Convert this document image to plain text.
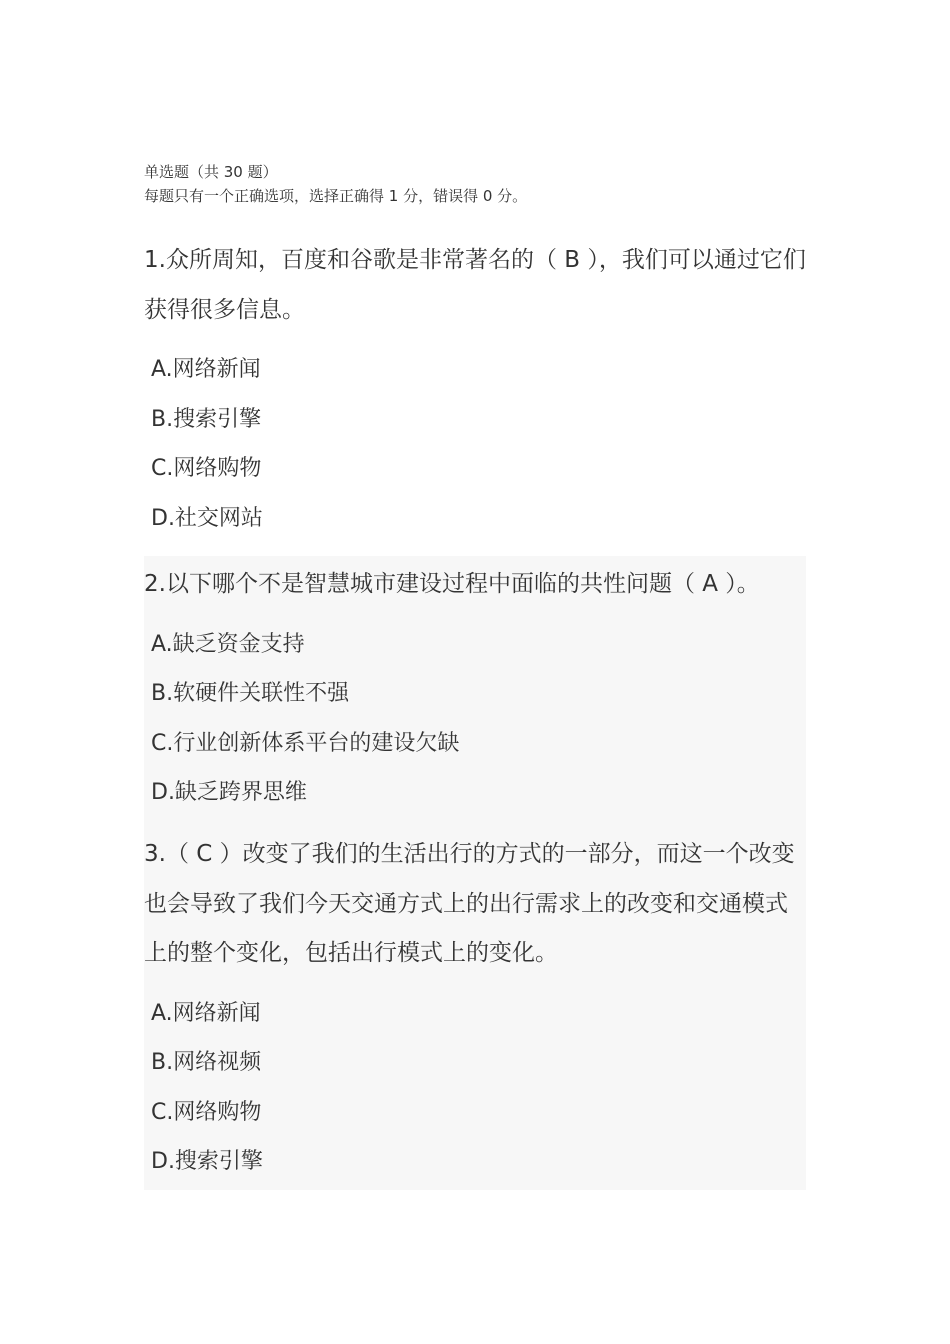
单选题（共 30 题）
每题只有一个正确选项，选择正确得 1 分，错误得 0 分。

1.众所周知，百度和谷歌是非常著名的（ B ），我们可以通过它们获得很多信息。

A.网络新闻
B.搜索引擎
C.网络购物
D.社交网站

2.以下哪个不是智慧城市建设过程中面临的共性问题（ A ）。

A.缺乏资金支持
B.软硬件关联性不强
C.行业创新体系平台的建设欠缺
D.缺乏跨界思维

3.（ C ）改变了我们的生活出行的方式的一部分，而这一个改变也会导致了我们今天交通方式上的出行需求上的改变和交通模式上的整个变化，包括出行模式上的变化。

A.网络新闻
B.网络视频
C.网络购物
D.搜索引擎
